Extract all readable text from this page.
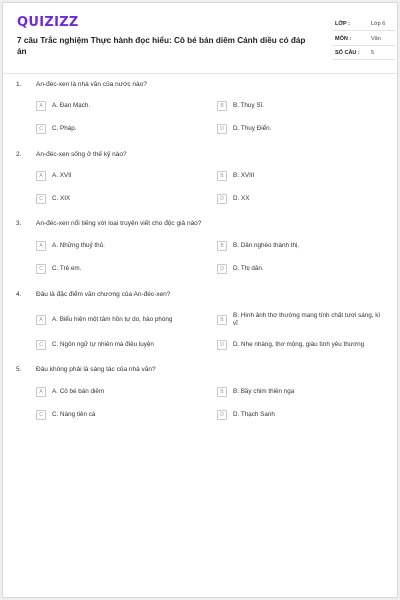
QUIZIZZ
7 câu Trắc nghiệm Thực hành đọc hiểu: Cô bé bán diêm Cánh diều có đáp án
LỚP :	Lớp 6
MÔN :	Văn
SỐ CÂU : 5
1. An-đéc-xen là nhà văn của nước nào?
A	A. Đan Mạch.	B	B. Thuỵ Sĩ.
C	C. Pháp.	D	D. Thuỵ Điển.
2. An-đéc-xen sống ở thế kỷ nào?
A	A. XVII	B	B. XVIII
C	C. XIX	D	D. XX
3. An-đéc-xen nổi tiếng với loại truyện viết cho độc giả nào?
A	A. Những thuỷ thủ.	B	B. Dân nghèo thành thị.
C	C. Trẻ em.	D	D. Thị dân.
4. Đâu là đặc điểm văn chương của An-đéc-xen?
A	A. Biểu hiện một tâm hồn tự do, hào phóng	B
B. Hình ảnh thơ thường mang tính chất tươi sáng, kì vĩ
C	C. Ngôn ngữ tự nhiên mà điêu luyện	D	D. Nhẹ nhàng, thơ mộng, giàu tình yêu thương
5. Đâu không phải là sáng tác của nhà văn?
A	A. Cô bé bán diêm	B	B. Bầy chim thiên nga
C	C. Nàng tiên cá	D	D. Thạch Sanh
